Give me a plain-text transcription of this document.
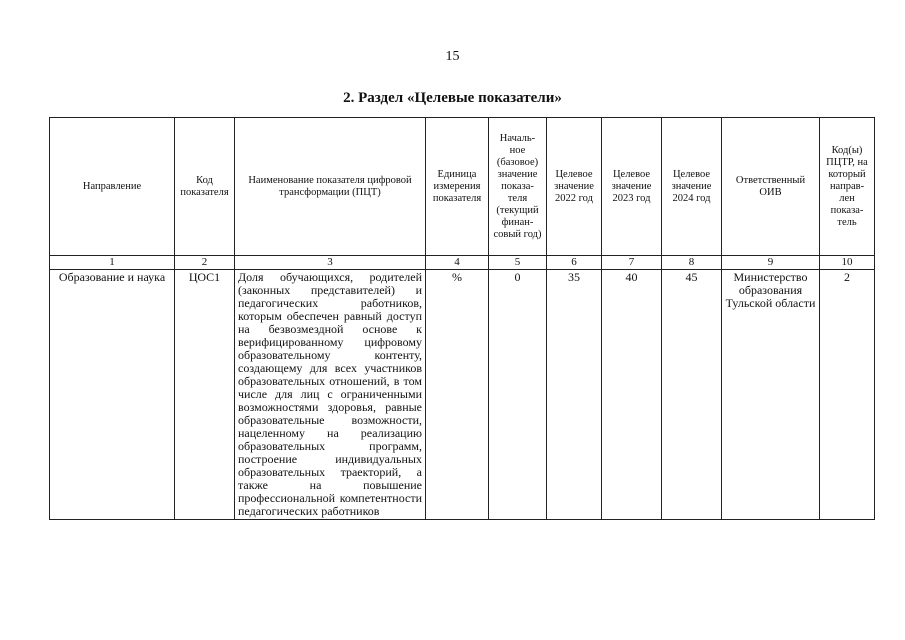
15
2. Раздел «Целевые показатели»
Направление	Код показателя	Наименование показателя цифровой трансформации (ПЦТ)	Единица измерения показателя	Началь-ное (базовое) значение показа-теля (текущий финан-совый год)	Целевое значение 2022 год	Целевое значение 2023 год	Целевое значение 2024 год	Ответственный ОИВ	Код(ы) ПЦТР, на который направ-лен показа-тель
1	2	3	4	5	6	7	8	9	10
Образование и наука	ЦОС1	Доля обучающихся, родителей (законных представителей) и педагогических работников, которым обеспечен равный доступ на безвозмездной основе к верифицированному цифровому образовательному контенту, создающему для всех участников образовательных отношений, в том числе для лиц с ограниченными возможностями здоровья, равные образовательные возможности, нацеленному на реализацию образовательных программ, построение индивидуальных образовательных траекторий, а также на повышение профессиональной компетентности педагогических работников	%	0	35	40	45	Министерство образования Тульской области	2
